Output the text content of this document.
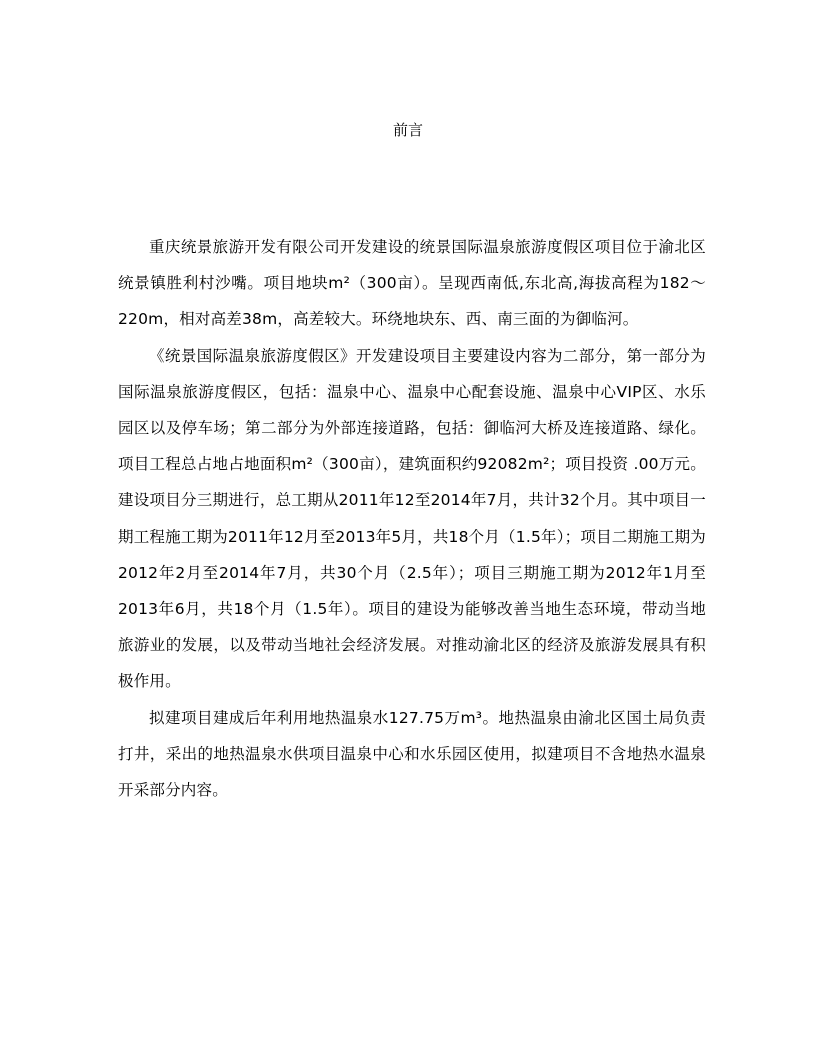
前言

重庆统景旅游开发有限公司开发建设的统景国际温泉旅游度假区项目位于渝北区统景镇胜利村沙嘴。项目地块m²（300亩）。呈现西南低,东北高,海拔高程为182～220m，相对高差38m，高差较大。环绕地块东、西、南三面的为御临河。

《统景国际温泉旅游度假区》开发建设项目主要建设内容为二部分，第一部分为国际温泉旅游度假区，包括：温泉中心、温泉中心配套设施、温泉中心VIP区、水乐园区以及停车场；第二部分为外部连接道路，包括：御临河大桥及连接道路、绿化。项目工程总占地占地面积m²（300亩），建筑面积约92082m²；项目投资 .00万元。建设项目分三期进行，总工期从2011年12至2014年7月，共计32个月。其中项目一期工程施工期为2011年12月至2013年5月，共18个月（1.5年）；项目二期施工期为2012年2月至2014年7月，共30个月（2.5年）；项目三期施工期为2012年1月至2013年6月，共18个月（1.5年）。项目的建设为能够改善当地生态环境，带动当地旅游业的发展，以及带动当地社会经济发展。对推动渝北区的经济及旅游发展具有积极作用。

拟建项目建成后年利用地热温泉水127.75万m³。地热温泉由渝北区国土局负责打井，采出的地热温泉水供项目温泉中心和水乐园区使用，拟建项目不含地热水温泉开采部分内容。
